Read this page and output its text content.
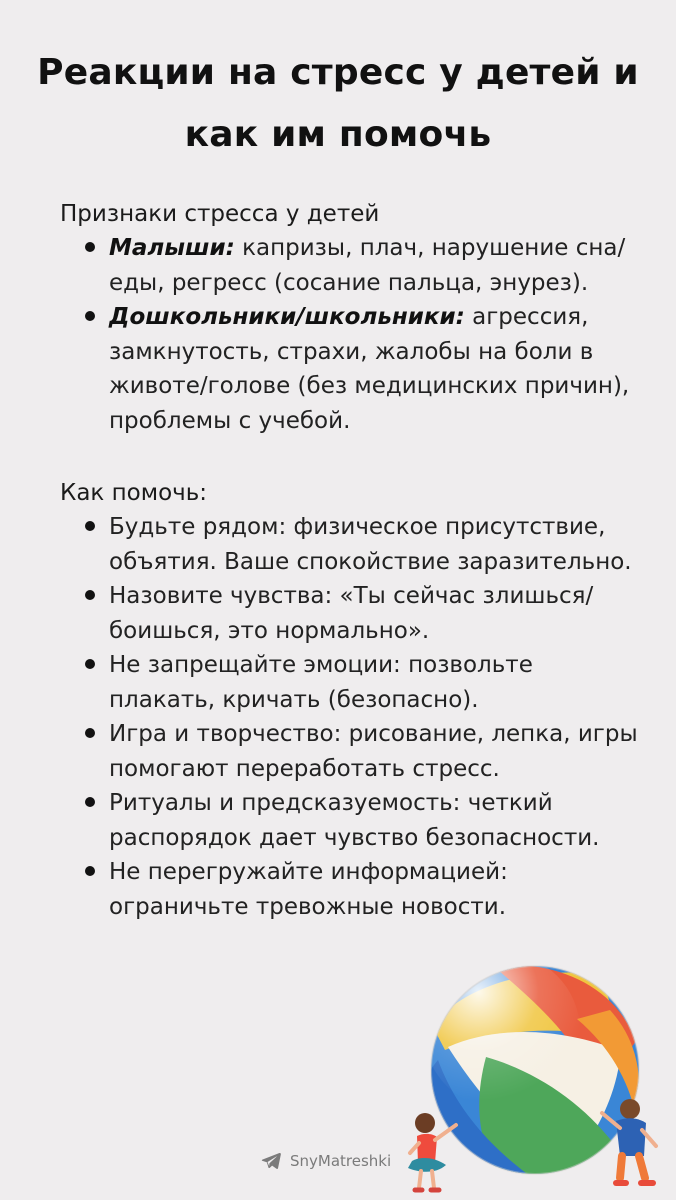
Реакции на стресс у детей и
как им помочь
Признаки стресса у детей
Малыши: капризы, плач, нарушение сна/еды, регресс (сосание пальца, энурез).
Дошкольники/школьники: агрессия, замкнутость, страхи, жалобы на боли в животе/голове (без медицинских причин), проблемы с учебой.
Как помочь:
Будьте рядом: физическое присутствие, объятия. Ваше спокойствие заразительно.
Назовите чувства: «Ты сейчас злишься/боишься, это нормально».
Не запрещайте эмоции: позвольте плакать, кричать (безопасно).
Игра и творчество: рисование, лепка, игры помогают переработать стресс.
Ритуалы и предсказуемость: четкий распорядок дает чувство безопасности.
Не перегружайте информацией: ограничьте тревожные новости.
SnyMatreshki
